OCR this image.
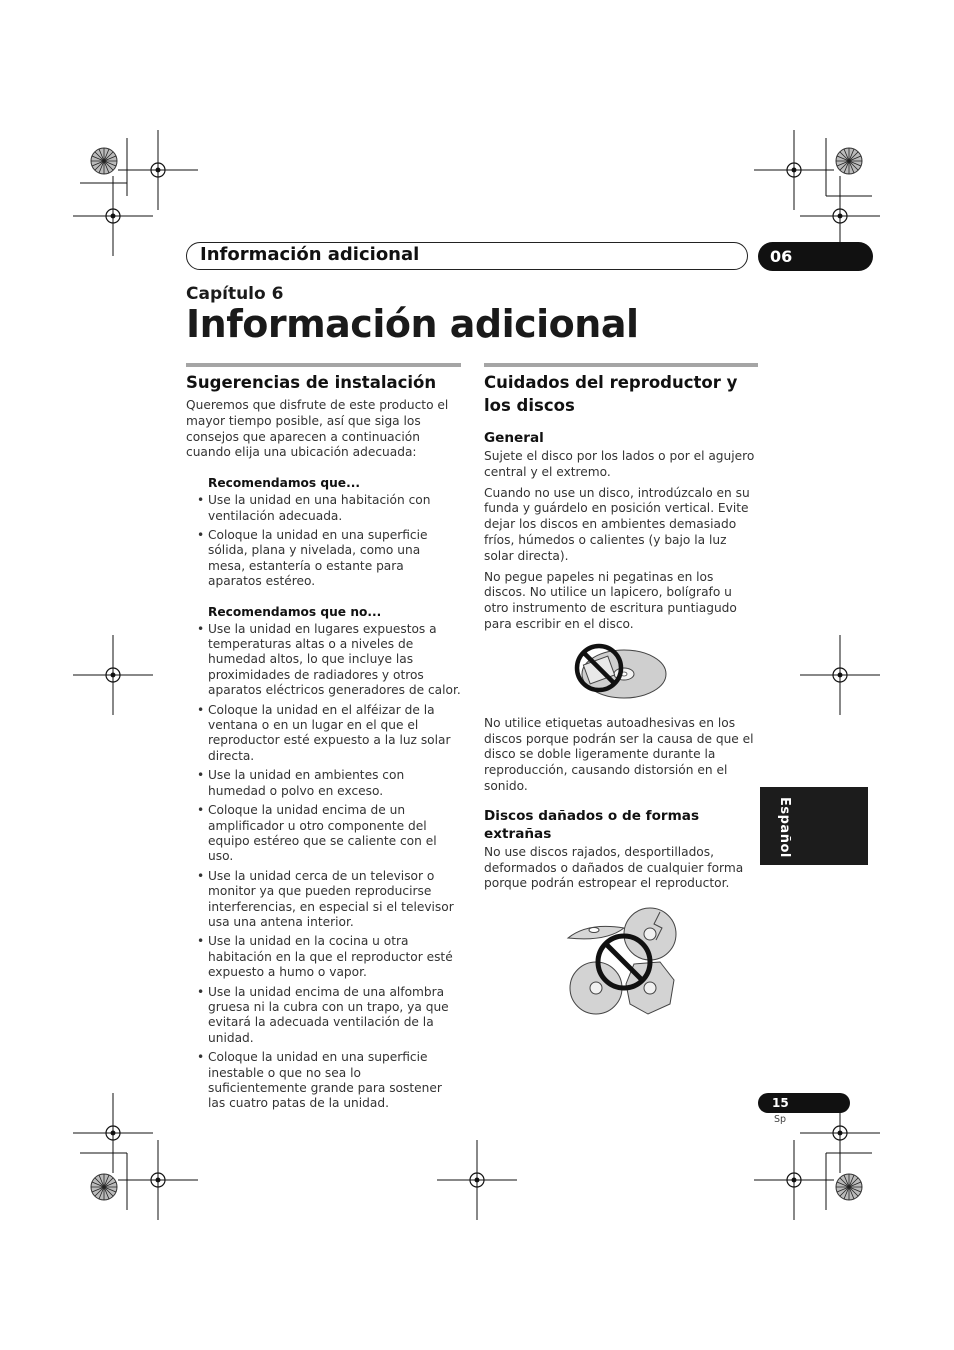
Información adicional	06
Capítulo 6
Información adicional
Sugerencias de instalación

Queremos que disfrute de este producto el mayor tiempo posible, así que siga los consejos que aparecen a continuación cuando elija una ubicación adecuada:

Recomendamos que...
• Use la unidad en una habitación con ventilación adecuada.
• Coloque la unidad en una superficie sólida, plana y nivelada, como una mesa, estantería o estante para aparatos estéreo.
Recomendamos que no...
• Use la unidad en lugares expuestos a temperaturas altas o a niveles de humedad altos, lo que incluye las proximidades de radiadores y otros aparatos eléctricos generadores de calor.
• Coloque la unidad en el alféizar de la ventana o en un lugar en el que el reproductor esté expuesto a la luz solar directa.
• Use la unidad en ambientes con humedad o polvo en exceso.
• Coloque la unidad encima de un amplificador u otro componente del equipo estéreo que se caliente con el uso.
• Use la unidad cerca de un televisor o monitor ya que pueden reproducirse interferencias, en especial si el televisor usa una antena interior.
• Use la unidad en la cocina u otra habitación en la que el reproductor esté expuesto a humo o vapor.
• Use la unidad encima de una alfombra gruesa ni la cubra con un trapo, ya que evitará la adecuada ventilación de la unidad.
• Coloque la unidad en una superficie inestable o que no sea lo suficientemente grande para sostener las cuatro patas de la unidad.
Cuidados del reproductor y los discos
General

Sujete el disco por los lados o por el agujero central y el extremo.

Cuando no use un disco, introdúzcalo en su funda y guárdelo en posición vertical. Evite dejar los discos en ambientes demasiado fríos, húmedos o calientes (y bajo la luz solar directa).

No pegue papeles ni pegatinas en los discos. No utilice un lapicero, bolígrafo u otro instrumento de escritura puntiagudo para escribir en el disco.

No utilice etiquetas autoadhesivas en los discos porque podrán ser la causa de que el disco se doble ligeramente durante la reproducción, causando distorsión en el sonido.

Discos dañados o de formas extrañas

No use discos rajados, desportillados, deformados o dañados de cualquier forma porque podrán estropear el reproductor.

Español
15
Sp
